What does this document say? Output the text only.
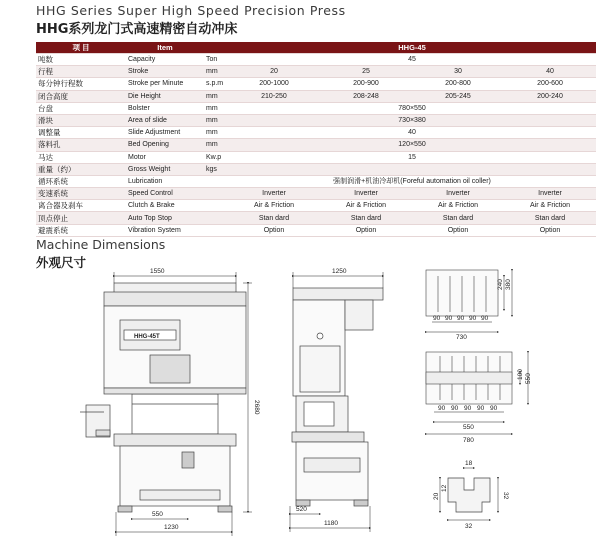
HHG Series Super High Speed Precision Press
HHG系列龙门式高速精密自动冲床
项 目	Item		HHG-45			
吨数	Capacity	Ton	45			
行程	Stroke	mm	20	25	30	40
每分钟行程数	Stroke per Minute	s.p.m	200-1000	200-900	200-800	200-600
闭合高度	Die Height	mm	210-250	208-248	205-245	200-240
台盘	Bolster	mm	780×550			
滑块	Area of slide	mm	730×380			
调整量	Slide Adjustment	mm	40			
落料孔	Bed Opening	mm	120×550			
马达	Motor	Kw.p	15			
重量（约）	Gross Weight	kgs				
循环系统	Lubrication		强制润滑+机油冷却机(Foreful automation oil coller)			
变速系统	Speed Control		Inverter	Inverter	Inverter	Inverter
离合器及刹车	Clutch & Brake		Air & Friction	Air & Friction	Air & Friction	Air & Friction
顶点停止	Auto Top Stop		Stan dard	Stan dard	Stan dard	Stan dard
避震系统	Vibration System		Option	Option	Option	Option
Machine Dimensions
外观尺寸
1550
2680
550
1230
HHG-45T
1250
520
1180
240 380
90 90 90 90 90
730
100 550
90 90 90 90 90
550
780
18
20
12
32
32
